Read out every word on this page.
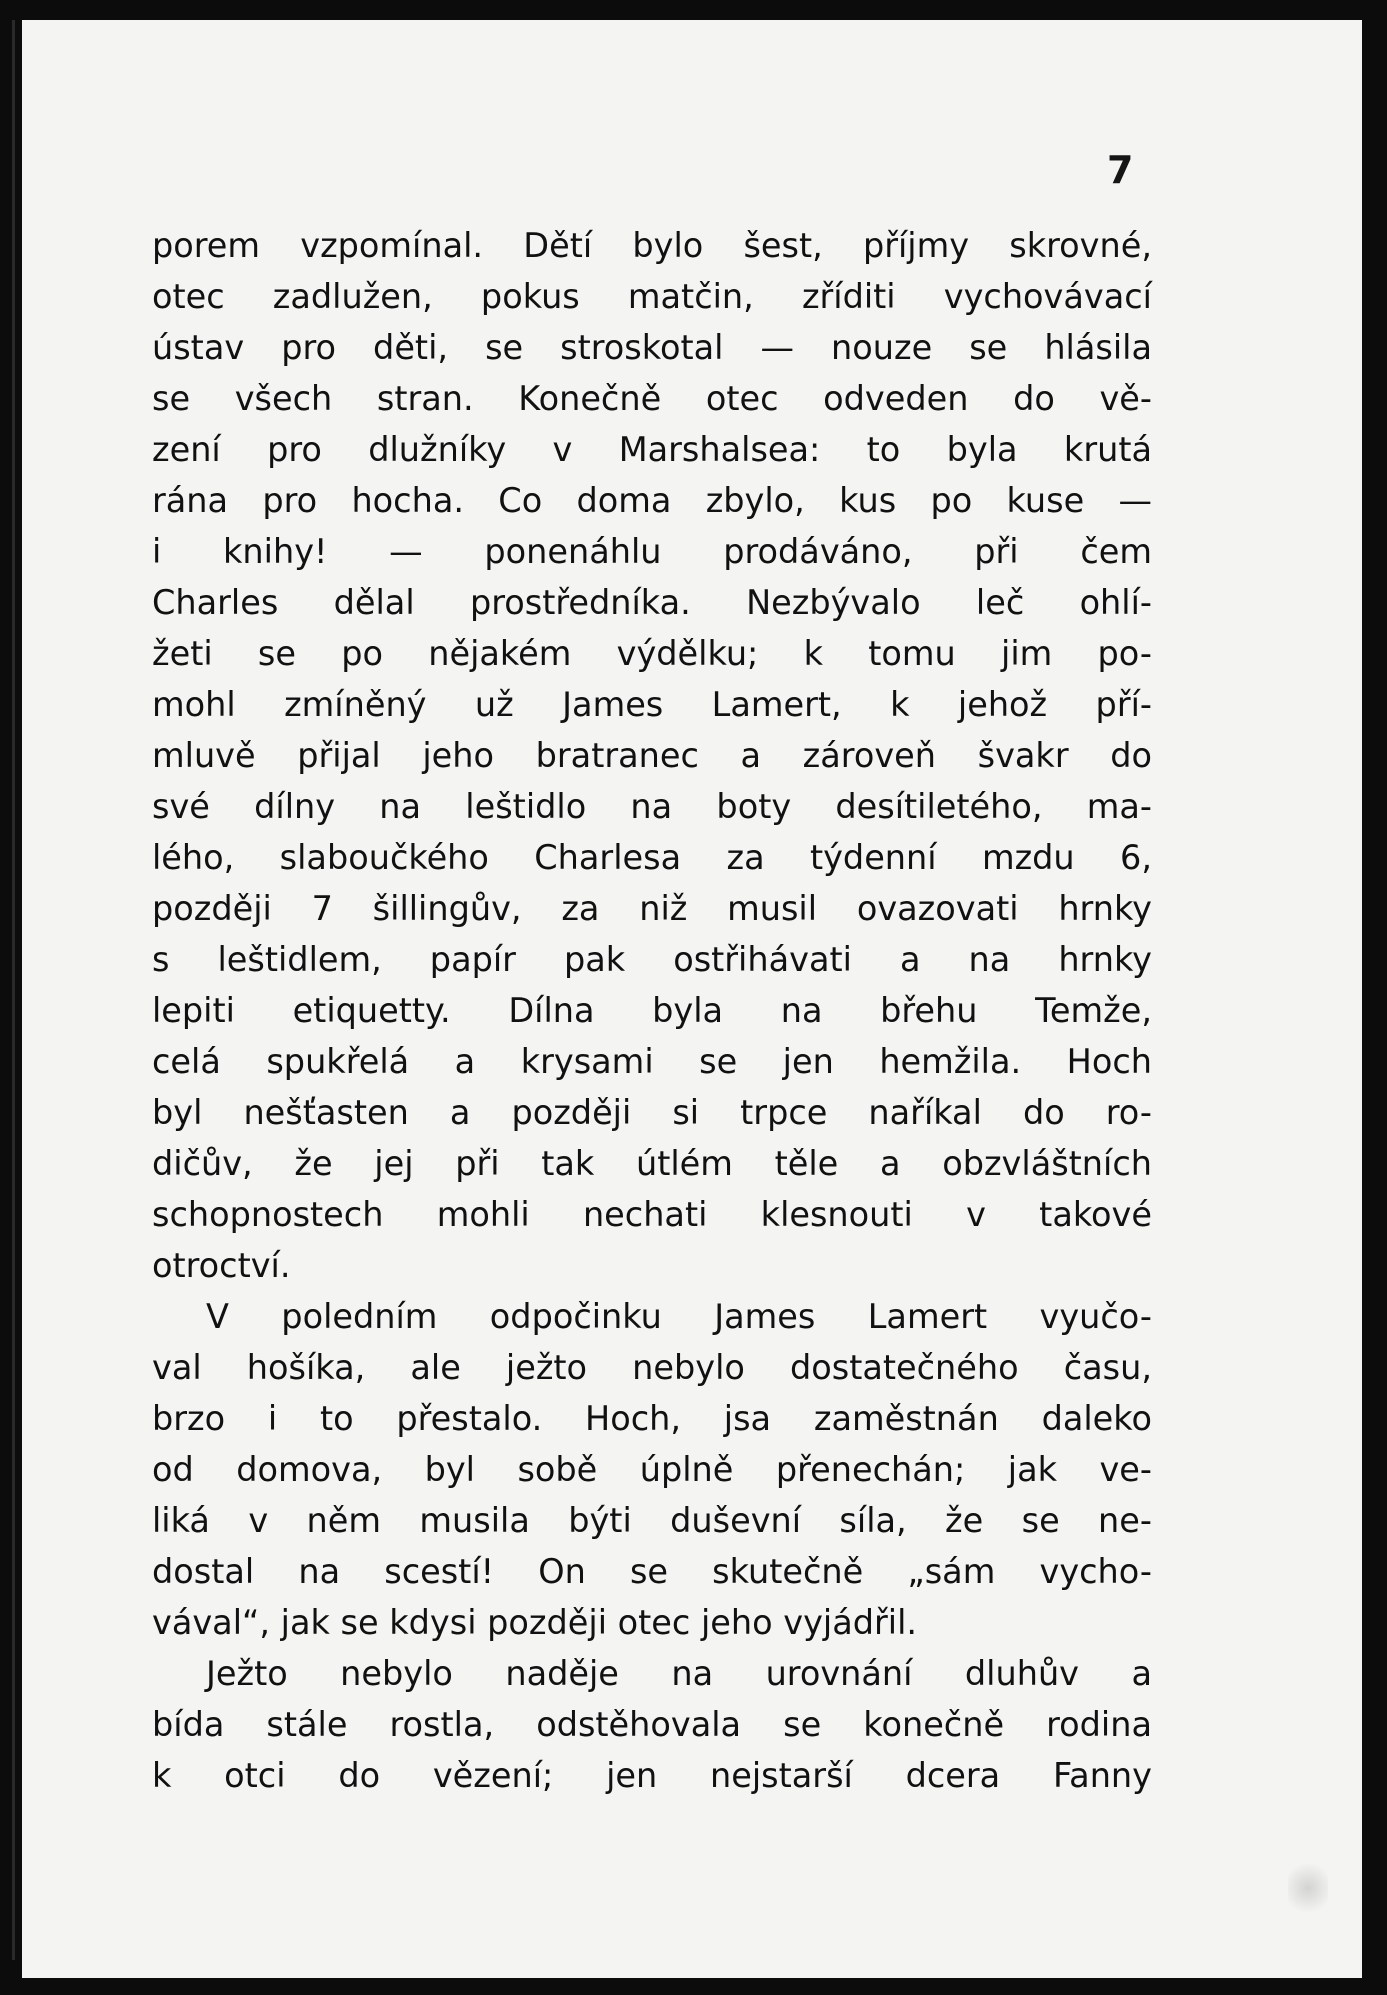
7
porem vzpomínal. Dětí bylo šest, příjmy skrovné,
otec zadlužen, pokus matčin, zříditi vychovávací
ústav pro děti, se stroskotal — nouze se hlásila
se všech stran. Konečně otec odveden do vě-
zení pro dlužníky v Marshalsea: to byla krutá
rána pro hocha. Co doma zbylo, kus po kuse —
i knihy! — ponenáhlu prodáváno, při čem
Charles dělal prostředníka. Nezbývalo leč ohlí-
žeti se po nějakém výdělku; k tomu jim po-
mohl zmíněný už James Lamert, k jehož pří-
mluvě přijal jeho bratranec a zároveň švakr do
své dílny na leštidlo na boty desítiletého, ma-
lého, slaboučkého Charlesa za týdenní mzdu 6,
později 7 šillingův, za niž musil ovazovati hrnky
s leštidlem, papír pak ostřihávati a na hrnky
lepiti etiquetty. Dílna byla na břehu Temže,
celá spukřelá a krysami se jen hemžila. Hoch
byl nešťasten a později si trpce naříkal do ro-
dičův, že jej při tak útlém těle a obzvláštních
schopnostech mohli nechati klesnouti v takové
otroctví.
V poledním odpočinku James Lamert vyučo-
val hošíka, ale ježto nebylo dostatečného času,
brzo i to přestalo. Hoch, jsa zaměstnán daleko
od domova, byl sobě úplně přenechán; jak ve-
liká v něm musila býti duševní síla, že se ne-
dostal na scestí! On se skutečně „sám vycho-
vával“, jak se kdysi později otec jeho vyjádřil.
Ježto nebylo naděje na urovnání dluhův a
bída stále rostla, odstěhovala se konečně rodina
k otci do vězení; jen nejstarší dcera Fanny
